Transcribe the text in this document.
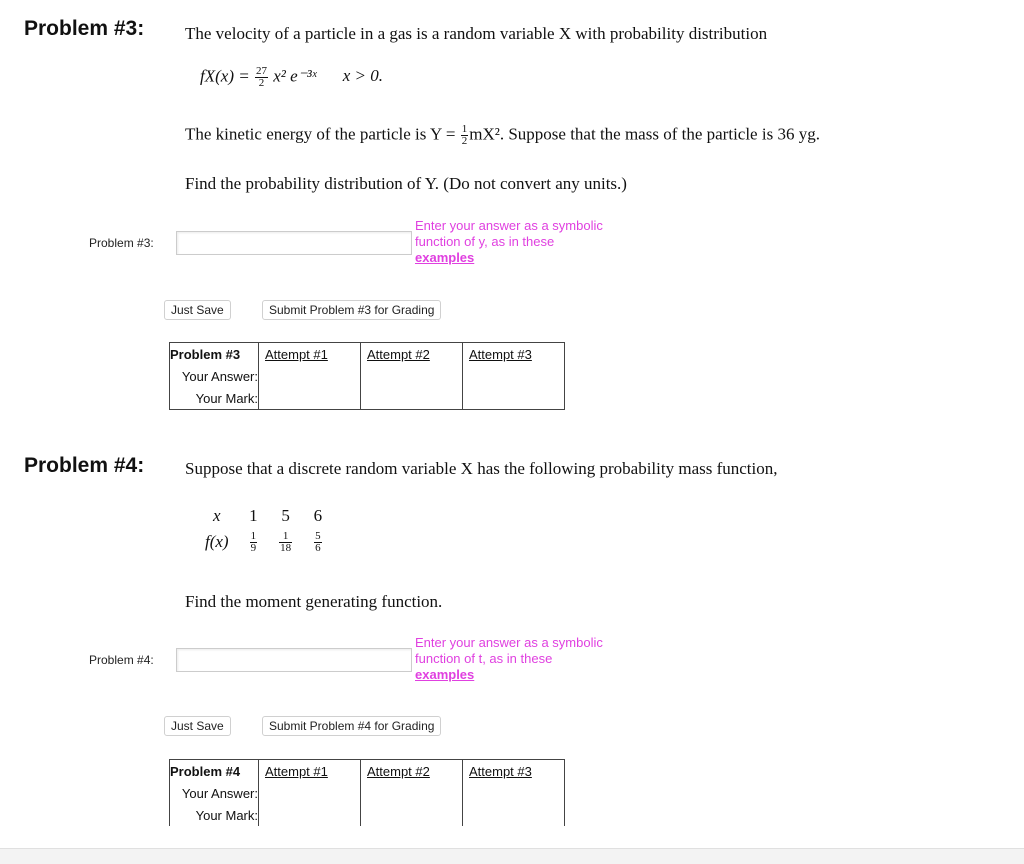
Problem #3: The velocity of a particle in a gas is a random variable X with probability distribution
$fX(x) = \frac{27}{2} x^2$ e⁻³ˣ x > 0.
The kinetic energy of the particle is $Y = \frac{1}{2} mX^2$. Suppose that the mass of the particle is 36 yg.
Find the probability distribution of Y. (Do not convert any units.)
Problem #3:
Enter your answer as a symbolic
function of y, as in these
examples
Just Save	Submit Problem #3 for Grading
Problem #3	Attempt #1	Attempt #2	Attempt #3
Your Answer:			
Your Mark:			
Problem #4: Suppose that a discrete random variable X has the following probability mass function,
x	1	5	6
f(x)	$\frac{1}{9}$	$\frac{1}{18}$	$\frac{5}{6}$
Find the moment generating function.
Problem #4:
Enter your answer as a symbolic
function of t, as in these
examples
Just Save	Submit Problem #4 for Grading
Problem #4	Attempt #1	Attempt #2	Attempt #3
Your Answer:			
Your Mark:			
